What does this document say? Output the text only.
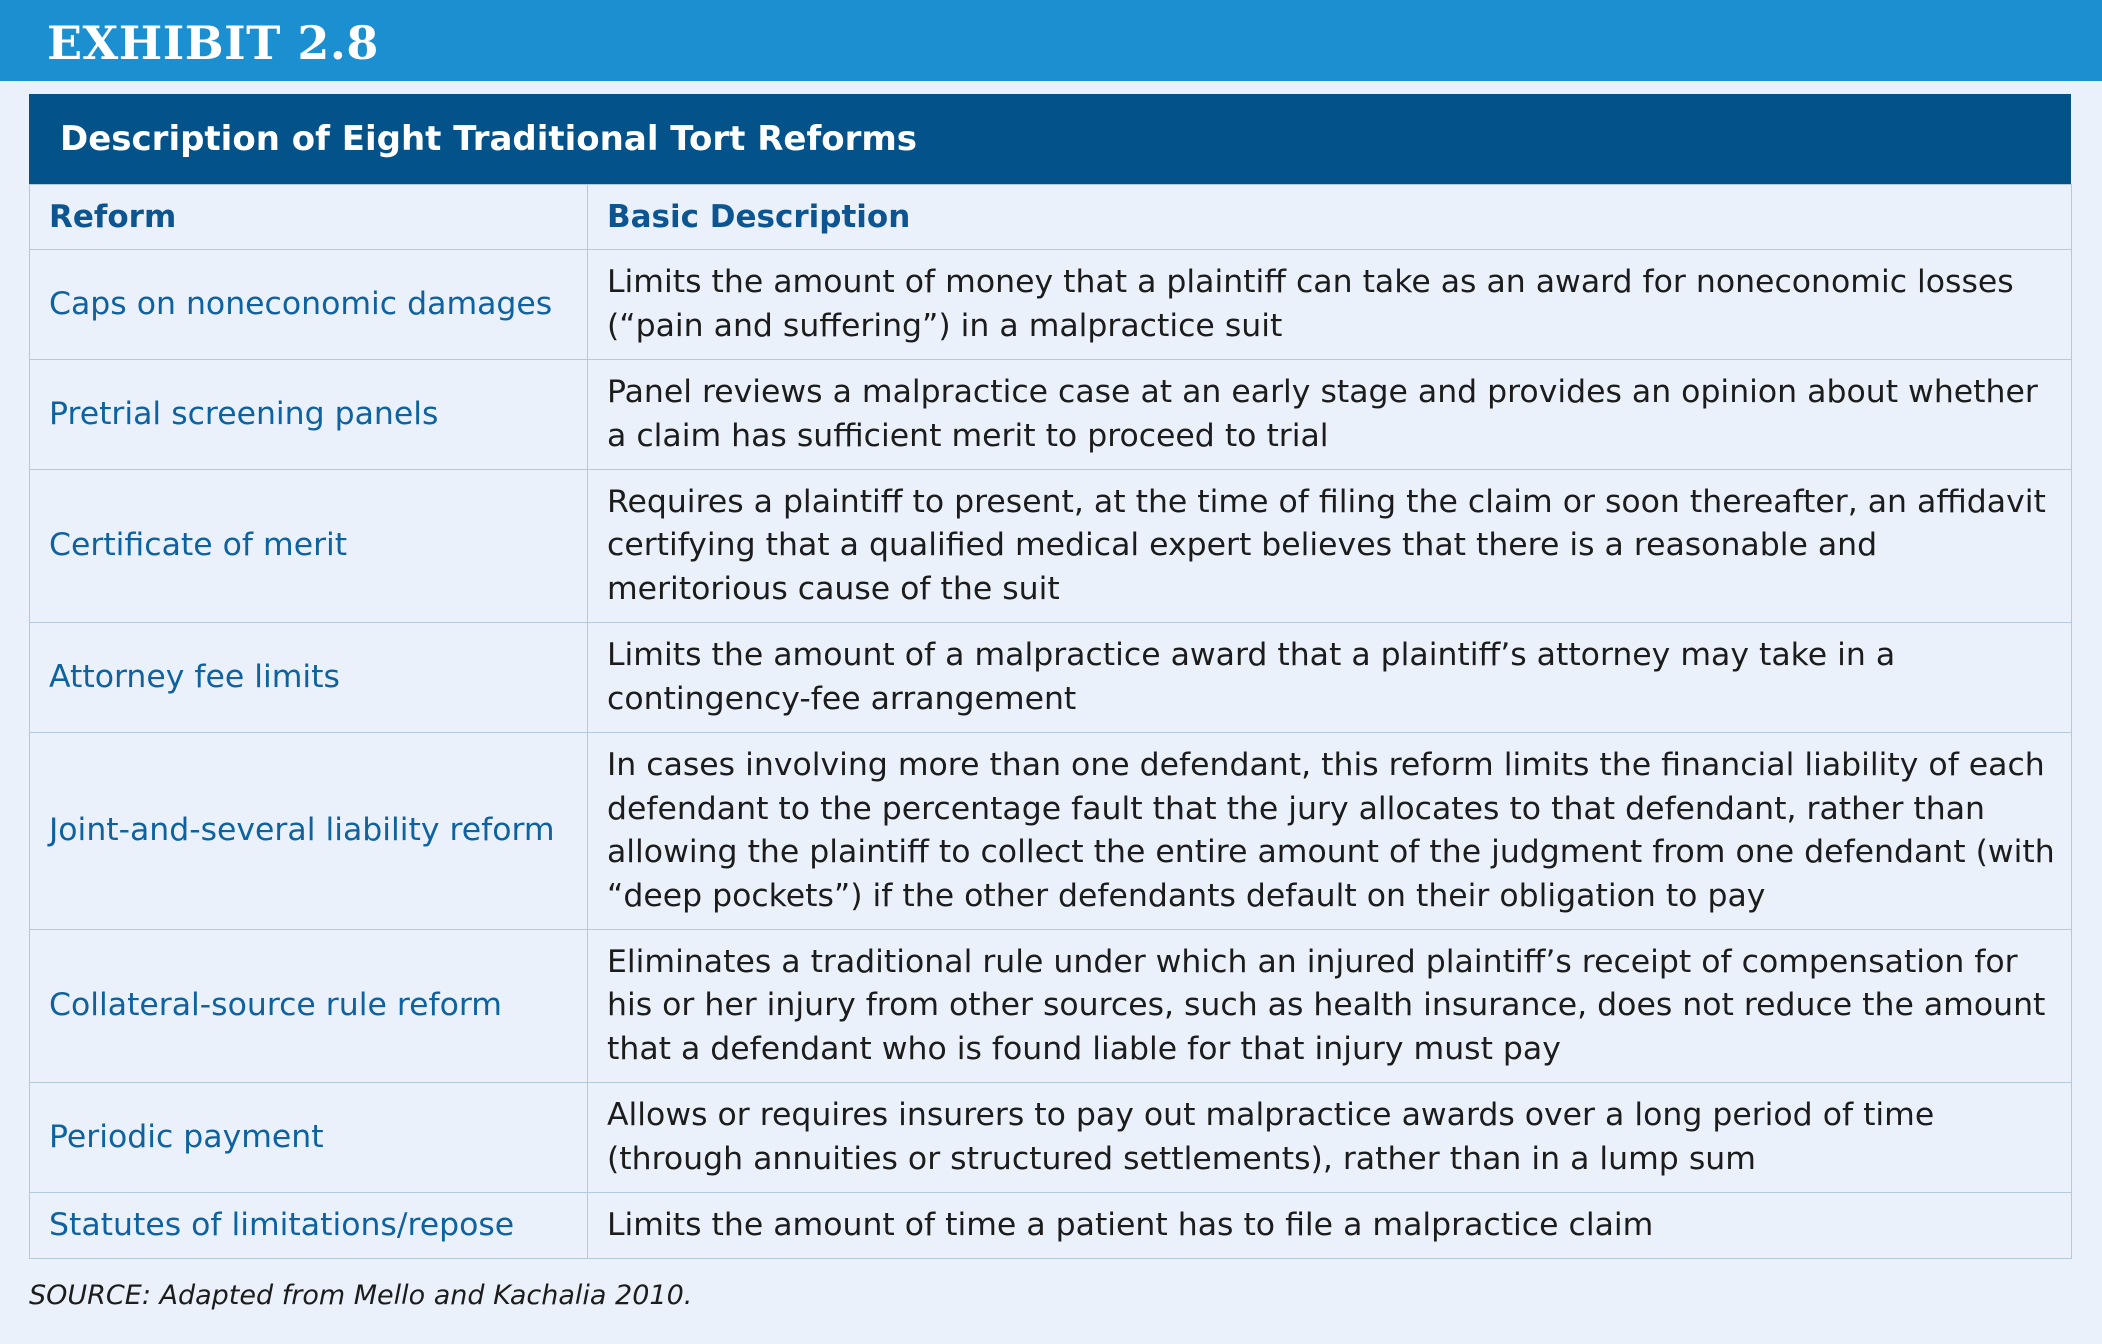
EXHIBIT 2.8
Description of Eight Traditional Tort Reforms
Reform	Basic Description
Caps on noneconomic damages	Limits the amount of money that a plaintiff can take as an award for noneconomic losses (“pain and suffering”) in a malpractice suit
Pretrial screening panels	Panel reviews a malpractice case at an early stage and provides an opinion about whether a claim has sufficient merit to proceed to trial
Certificate of merit	Requires a plaintiff to present, at the time of filing the claim or soon thereafter, an affidavit certifying that a qualified medical expert believes that there is a reasonable and meritorious cause of the suit
Attorney fee limits	Limits the amount of a malpractice award that a plaintiff’s attorney may take in a contingency-fee arrangement
Joint-and-several liability reform	In cases involving more than one defendant, this reform limits the financial liability of each defendant to the percentage fault that the jury allocates to that defendant, rather than allowing the plaintiff to collect the entire amount of the judgment from one defendant (with “deep pockets”) if the other defendants default on their obligation to pay
Collateral-source rule reform	Eliminates a traditional rule under which an injured plaintiff’s receipt of compensation for his or her injury from other sources, such as health insurance, does not reduce the amount that a defendant who is found liable for that injury must pay
Periodic payment	Allows or requires insurers to pay out malpractice awards over a long period of time (through annuities or structured settlements), rather than in a lump sum
Statutes of limitations/repose	Limits the amount of time a patient has to file a malpractice claim
SOURCE: Adapted from Mello and Kachalia 2010.
